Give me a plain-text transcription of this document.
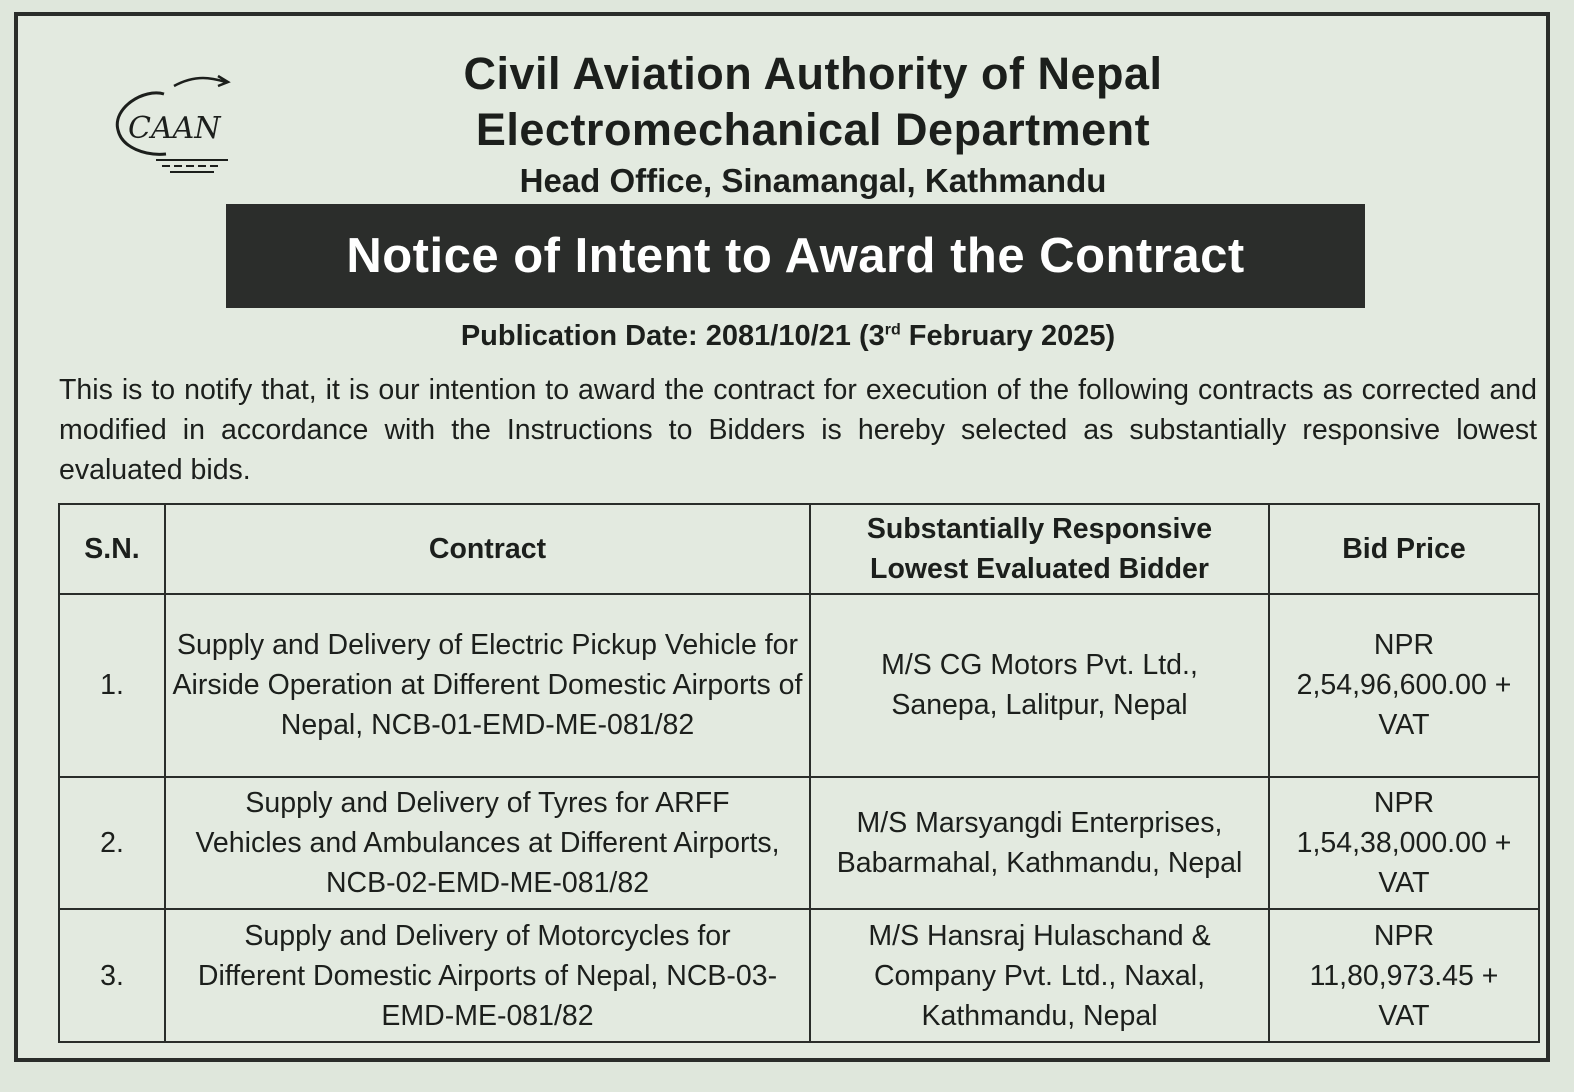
CAAN
Civil Aviation Authority of Nepal
Electromechanical Department
Head Office, Sinamangal, Kathmandu
Notice of Intent to Award the Contract
Publication Date: 2081/10/21 (3rd February 2025)
This is to notify that, it is our intention to award the contract for execution of the following contracts as corrected and modified in accordance with the Instructions to Bidders is hereby selected as substantially responsive lowest evaluated bids.
S.N.	Contract	Substantially Responsive Lowest Evaluated Bidder	Bid Price
1.	Supply and Delivery of Electric Pickup Vehicle for Airside Operation at Different Domestic Airports of Nepal, NCB-01-EMD-ME-081/82	M/S CG Motors Pvt. Ltd., Sanepa, Lalitpur, Nepal	NPR 2,54,96,600.00 + VAT

2.	Supply and Delivery of Tyres for ARFF Vehicles and Ambulances at Different Airports, NCB-02-EMD-ME-081/82	M/S Marsyangdi Enterprises, Babarmahal, Kathmandu, Nepal	NPR 1,54,38,000.00 + VAT

3.	Supply and Delivery of Motorcycles for Different Domestic Airports of Nepal, NCB-03-EMD-ME-081/82	M/S Hansraj Hulaschand & Company Pvt. Ltd., Naxal, Kathmandu, Nepal	NPR 11,80,973.45 + VAT
